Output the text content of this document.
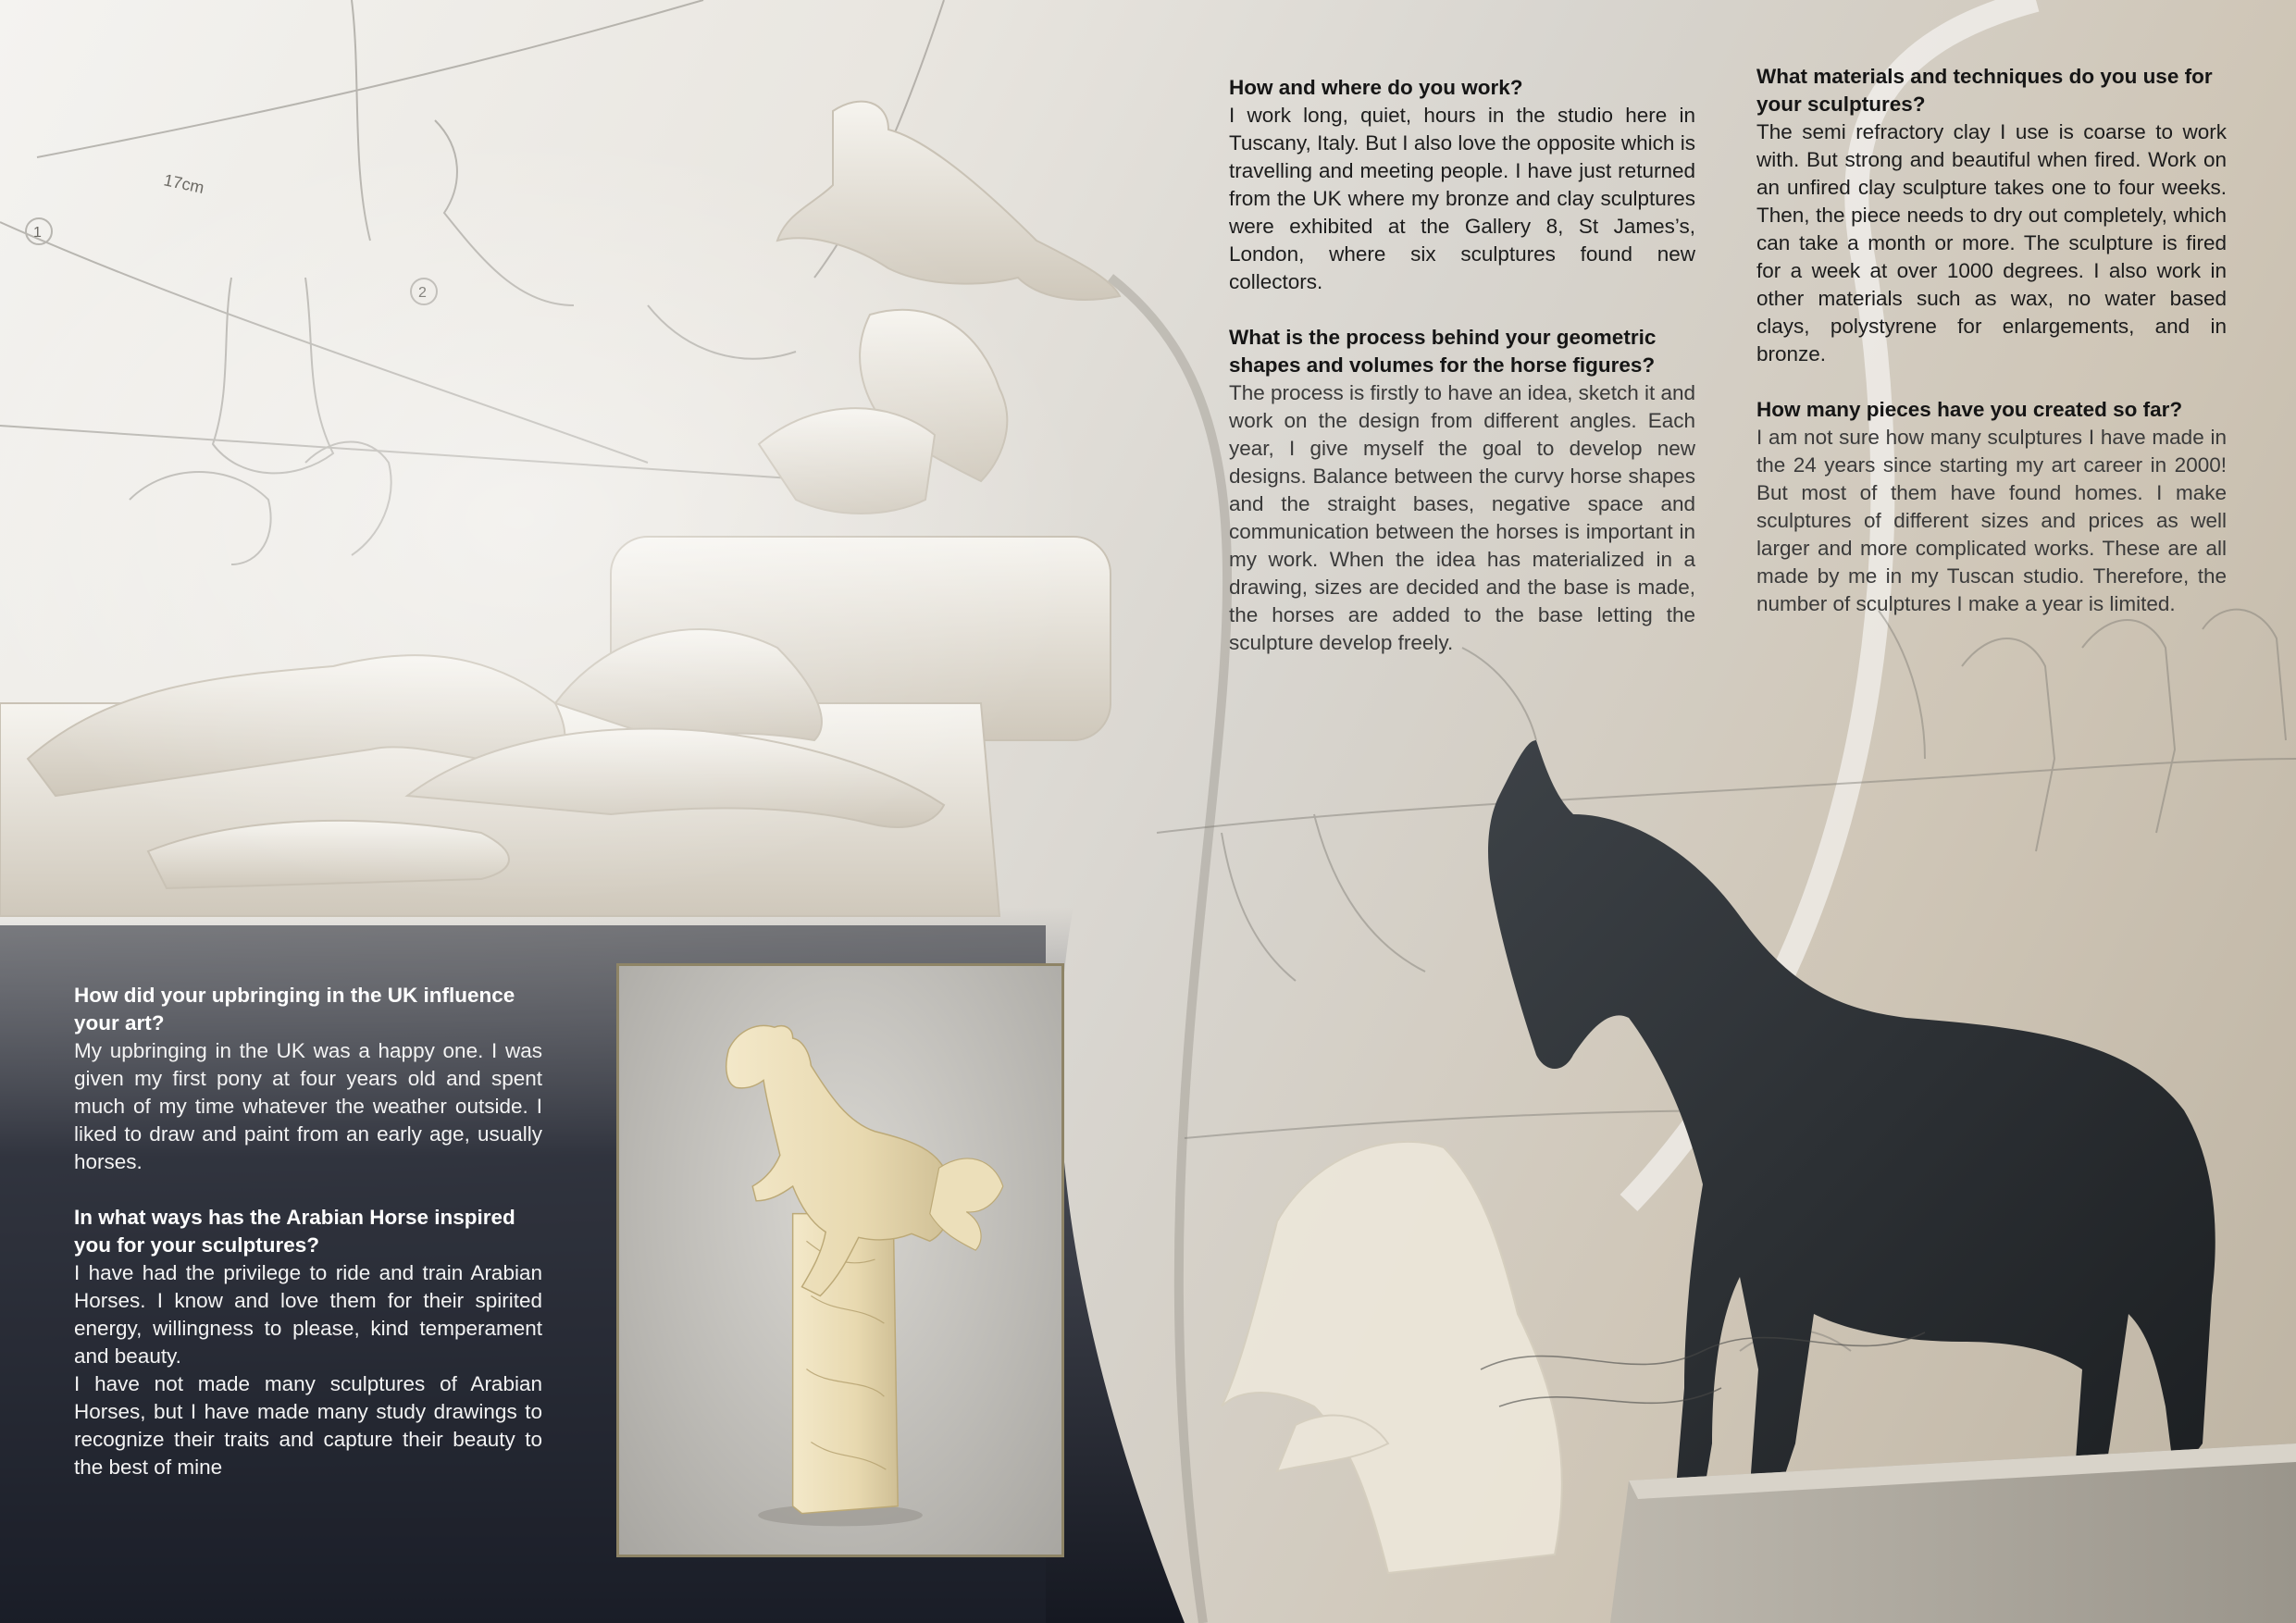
17cm
1
How and where do you work?

I work long, quiet, hours in the studio here in Tuscany, Italy. But I also love the opposite which is travelling and meeting people. I have just returned from the UK where my bronze and clay sculptures were exhibited at the Gallery 8, St James’s, London, where six sculptures found new collectors.

What is the process behind your geometric shapes and volumes for the horse figures?

The process is firstly to have an idea, sketch it and work on the design from different angles. Each year, I give myself the goal to develop new designs. Balance between the curvy horse shapes and the straight bases, negative space and communication between the horses is important in my work. When the idea has materialized in a drawing, sizes are decided and the base is made, the horses are added to the base letting the sculpture develop freely.

What materials and techniques do you use for your sculptures?

The semi refractory clay I use is coarse to work with. But strong and beautiful when fired. Work on an unfired clay sculpture takes one to four weeks. Then, the piece needs to dry out completely, which can take a month or more. The sculpture is fired for a week at over 1000 degrees. I also work in other materials such as wax, no water based clays, polystyrene for enlargements, and in bronze.

How many pieces have you created so far?

I am not sure how many sculptures I have made in the 24 years since starting my art career in 2000! But most of them have found homes. I make sculptures of different sizes and prices as well larger and more complicated works. These are all made by me in my Tuscan studio. Therefore, the number of sculptures I make a year is limited.

How did your upbringing in the UK influence your art?

My upbringing in the UK was a happy one. I was given my first pony at four years old and spent much of my time whatever the weather outside. I liked to draw and paint from an early age, usually horses.

In what ways has the Arabian Horse inspired you for your sculptures?

I have had the privilege to ride and train Arabian Horses. I know and love them for their spirited energy, willingness to please, kind temperament and beauty.

I have not made many sculptures of Arabian Horses, but I have made many study drawings to recognize their traits and capture their beauty to the best of mine
